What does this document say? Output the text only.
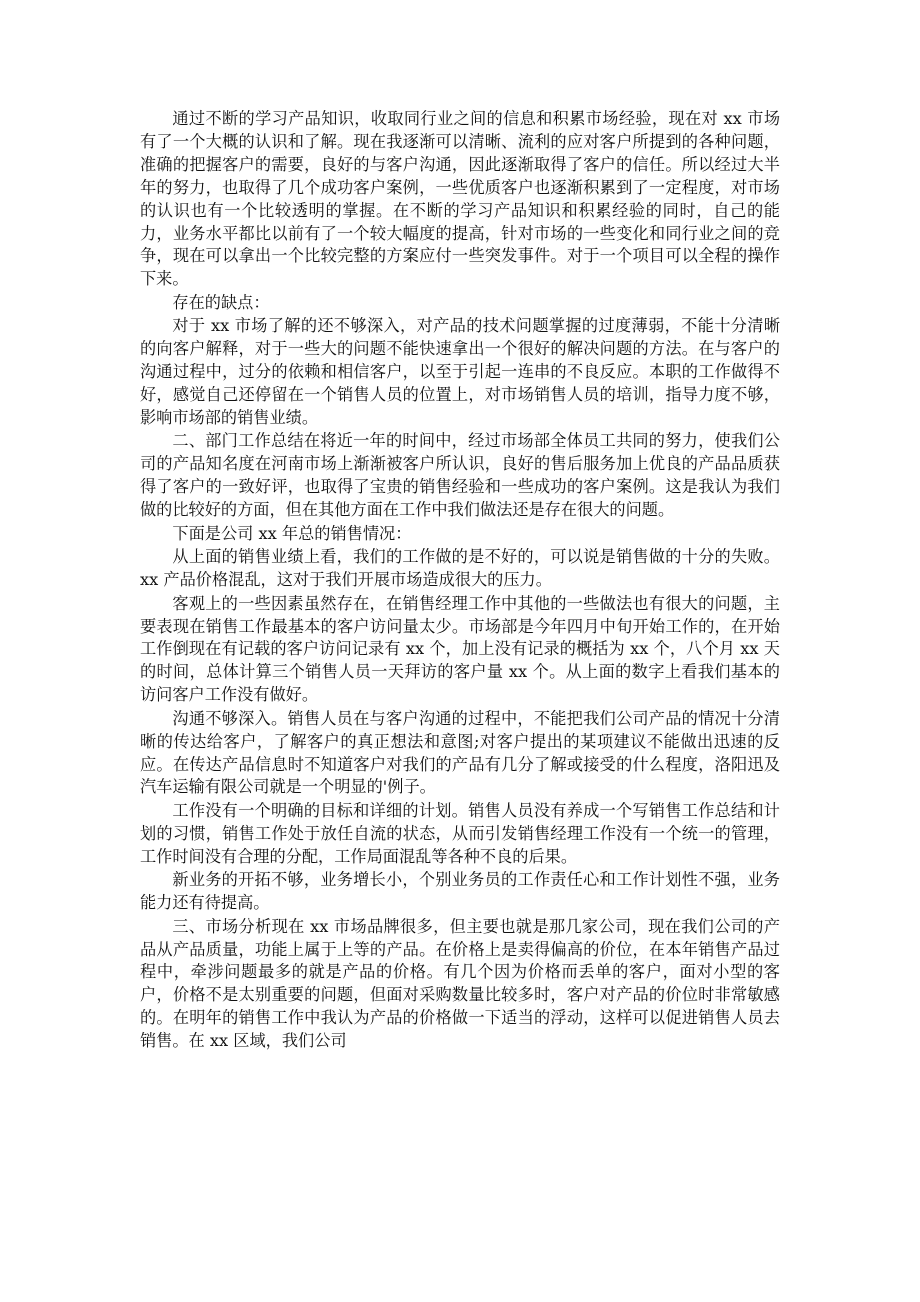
通过不断的学习产品知识，收取同行业之间的信息和积累市场经验，现在对 xx 市场有了一个大概的认识和了解。现在我逐渐可以清晰、流利的应对客户所提到的各种问题，准确的把握客户的需要，良好的与客户沟通，因此逐渐取得了客户的信任。所以经过大半年的努力，也取得了几个成功客户案例，一些优质客户也逐渐积累到了一定程度，对市场的认识也有一个比较透明的掌握。在不断的学习产品知识和积累经验的同时，自己的能力，业务水平都比以前有了一个较大幅度的提高，针对市场的一些变化和同行业之间的竞争，现在可以拿出一个比较完整的方案应付一些突发事件。对于一个项目可以全程的操作下来。

存在的缺点：

对于 xx 市场了解的还不够深入，对产品的技术问题掌握的过度薄弱，不能十分清晰的向客户解释，对于一些大的问题不能快速拿出一个很好的解决问题的方法。在与客户的沟通过程中，过分的依赖和相信客户，以至于引起一连串的不良反应。本职的工作做得不好，感觉自己还停留在一个销售人员的位置上，对市场销售人员的培训，指导力度不够，影响市场部的销售业绩。

二、部门工作总结在将近一年的时间中，经过市场部全体员工共同的努力，使我们公司的产品知名度在河南市场上渐渐被客户所认识，良好的售后服务加上优良的产品品质获得了客户的一致好评，也取得了宝贵的销售经验和一些成功的客户案例。这是我认为我们做的比较好的方面，但在其他方面在工作中我们做法还是存在很大的问题。

下面是公司 xx 年总的销售情况：

从上面的销售业绩上看，我们的工作做的是不好的，可以说是销售做的十分的失败。xx 产品价格混乱，这对于我们开展市场造成很大的压力。

客观上的一些因素虽然存在，在销售经理工作中其他的一些做法也有很大的问题，主要表现在销售工作最基本的客户访问量太少。市场部是今年四月中旬开始工作的，在开始工作倒现在有记载的客户访问记录有 xx 个，加上没有记录的概括为 xx 个，八个月 xx 天的时间，总体计算三个销售人员一天拜访的客户量 xx 个。从上面的数字上看我们基本的访问客户工作没有做好。

沟通不够深入。销售人员在与客户沟通的过程中，不能把我们公司产品的情况十分清晰的传达给客户，了解客户的真正想法和意图;对客户提出的某项建议不能做出迅速的反应。在传达产品信息时不知道客户对我们的产品有几分了解或接受的什么程度，洛阳迅及汽车运输有限公司就是一个明显的'例子。

工作没有一个明确的目标和详细的计划。销售人员没有养成一个写销售工作总结和计划的习惯，销售工作处于放任自流的状态，从而引发销售经理工作没有一个统一的管理，工作时间没有合理的分配，工作局面混乱等各种不良的后果。

新业务的开拓不够，业务增长小，个别业务员的工作责任心和工作计划性不强，业务能力还有待提高。

三、市场分析现在 xx 市场品牌很多，但主要也就是那几家公司，现在我们公司的产品从产品质量，功能上属于上等的产品。在价格上是卖得偏高的价位，在本年销售产品过程中，牵涉问题最多的就是产品的价格。有几个因为价格而丢单的客户，面对小型的客户，价格不是太别重要的问题，但面对采购数量比较多时，客户对产品的价位时非常敏感的。在明年的销售工作中我认为产品的价格做一下适当的浮动，这样可以促进销售人员去销售。在 xx 区域，我们公司
